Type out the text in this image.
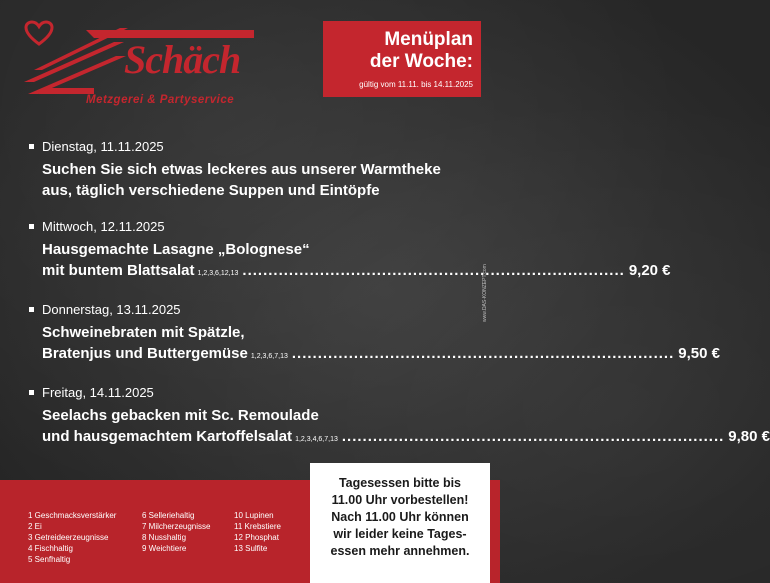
Schäch
Metzgerei & Partyservice
Menüplan
der Woche:
gültig vom 11.11. bis 14.11.2025
Dienstag, 11.11.2025
Suchen Sie sich etwas leckeres aus unserer Warmtheke
aus, täglich verschiedene Suppen und Eintöpfe
Mittwoch, 12.11.2025
Hausgemachte Lasagne „Bolognese“
mit buntem Blattsalat 1,2,3,6,12,13 .......................................................................... 9,20 €
Donnerstag, 13.11.2025
Schweinebraten mit Spätzle,
Bratenjus und Buttergemüse 1,2,3,6,7,13 .......................................................................... 9,50 €
Freitag, 14.11.2025
Seelachs gebacken mit Sc. Remoulade
und hausgemachtem Kartoffelsalat 1,2,3,4,6,7,13 .......................................................................... 9,80 €
www.DAS-KONZEPT.com
1 Geschmacksverstärker
2 Ei
3 Getreideerzeugnisse
4 Fischhaltig
5 Senfhaltig
6 Selleriehaltig
7 Milcherzeugnisse
8 Nusshaltig
9 Weichtiere
10 Lupinen
11 Krebstiere
12 Phosphat
13 Sulfite
Tagesessen bitte bis
11.00 Uhr vorbestellen!
Nach 11.00 Uhr können
wir leider keine Tages-
essen mehr annehmen.
